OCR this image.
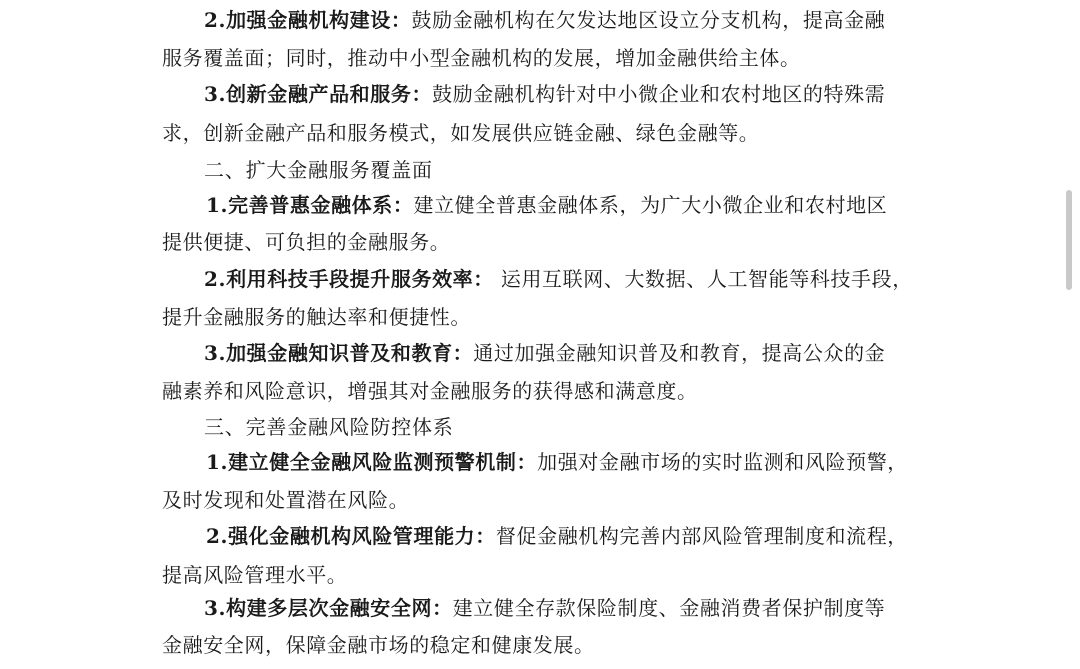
2.加强金融机构建设：鼓励金融机构在欠发达地区设立分支机构，提高金融
服务覆盖面；同时，推动中小型金融机构的发展，增加金融供给主体。
3.创新金融产品和服务：鼓励金融机构针对中小微企业和农村地区的特殊需
求，创新金融产品和服务模式，如发展供应链金融、绿色金融等。
二、扩大金融服务覆盖面
1.完善普惠金融体系：建立健全普惠金融体系，为广大小微企业和农村地区
提供便捷、可负担的金融服务。
2.利用科技手段提升服务效率： 运用互联网、大数据、人工智能等科技手段，
提升金融服务的触达率和便捷性。
3.加强金融知识普及和教育：通过加强金融知识普及和教育，提高公众的金
融素养和风险意识，增强其对金融服务的获得感和满意度。
三、完善金融风险防控体系
1.建立健全金融风险监测预警机制：加强对金融市场的实时监测和风险预警，
及时发现和处置潜在风险。
2.强化金融机构风险管理能力：督促金融机构完善内部风险管理制度和流程，
提高风险管理水平。
3.构建多层次金融安全网：建立健全存款保险制度、金融消费者保护制度等
金融安全网，保障金融市场的稳定和健康发展。
